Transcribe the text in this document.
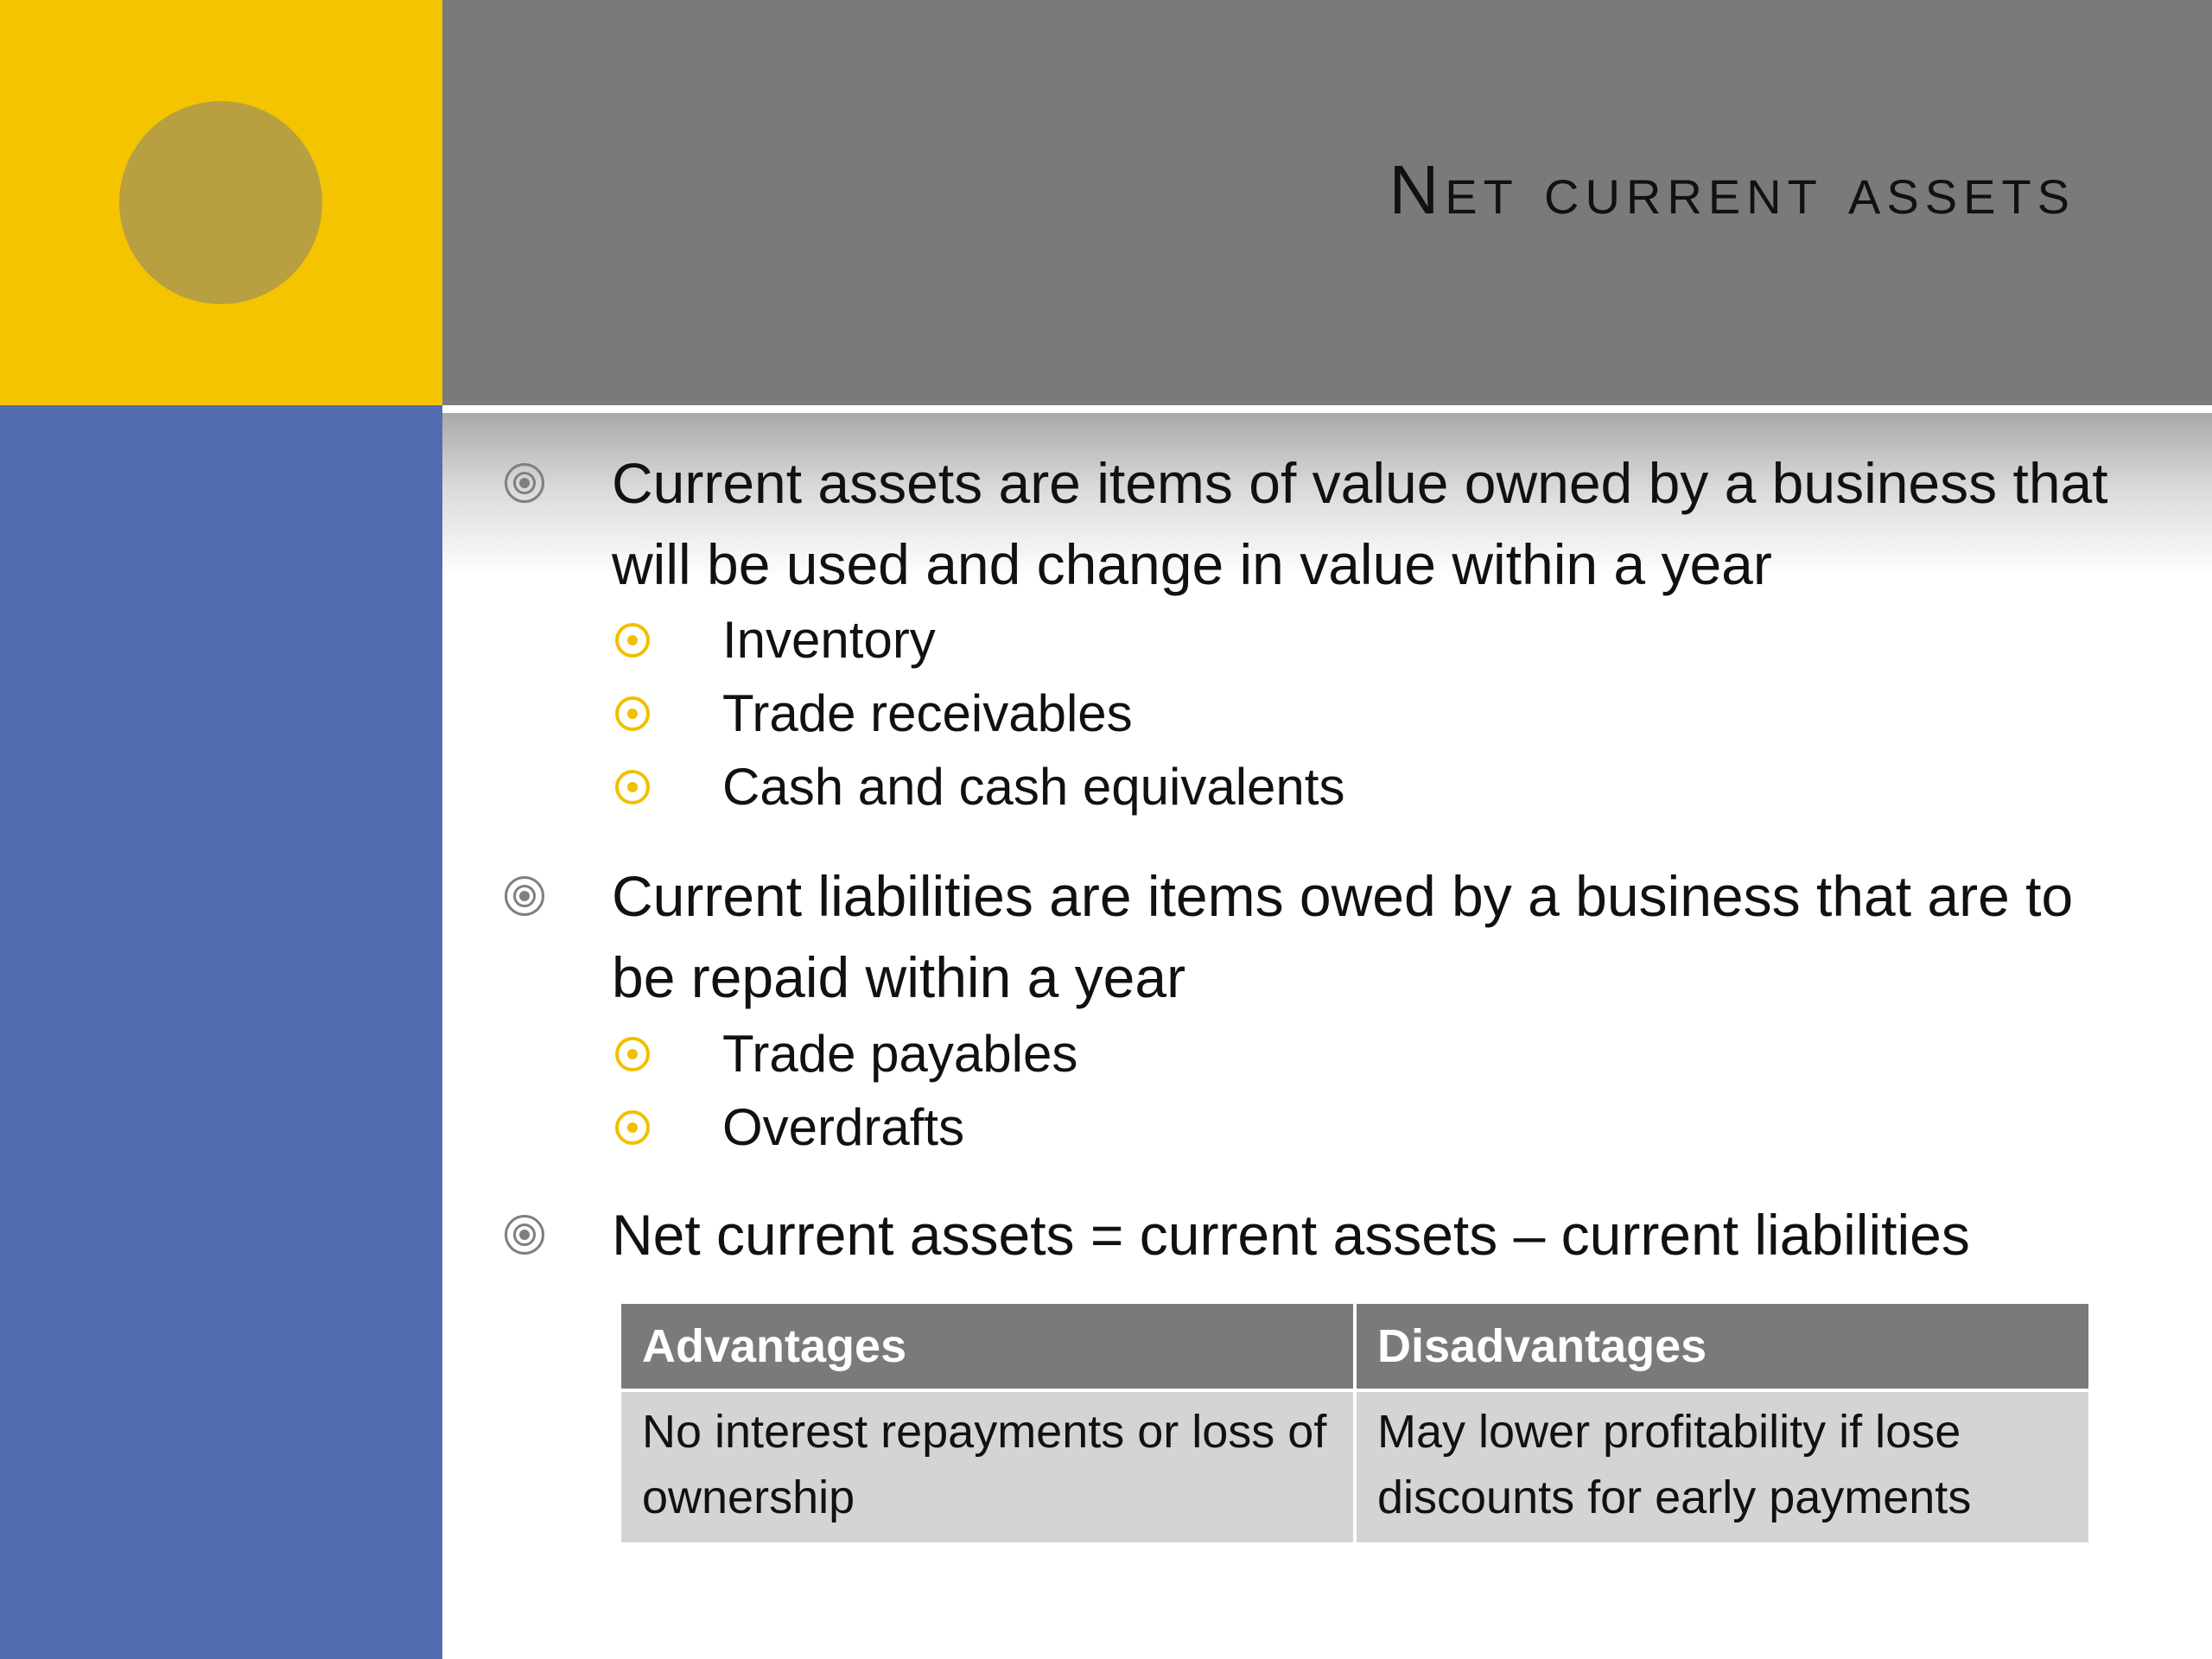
Net current assets
Current assets are items of value owned by a business that will be used and change in value within a year
Inventory
Trade receivables
Cash and cash equivalents
Current liabilities are items owed by a business that are to be repaid within a year
Trade payables
Overdrafts
Net current assets = current assets – current liabilities
Advantages	Disadvantages
No interest repayments or loss of ownership	May lower profitability if lose discounts for early payments
